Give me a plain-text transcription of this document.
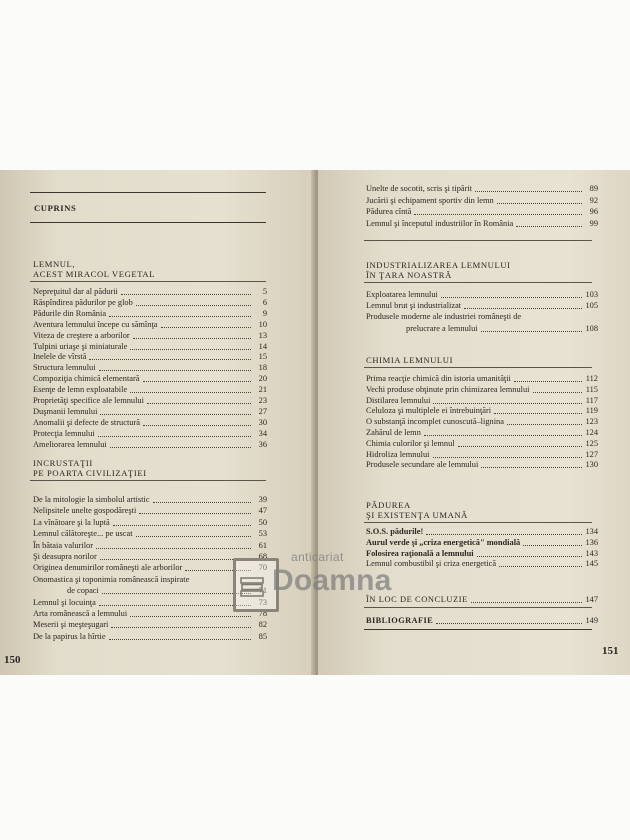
CUPRINS
LEMNUL,
ACEST MIRACOL VEGETAL
Nepreţuitul dar al pădurii	5
Răspîndirea pădurilor pe glob	6
Pădurile din România	9
Aventura lemnului începe cu sămînţa	10
Viteza de creştere a arborilor	13
Tulpini uriaşe şi miniaturale	14
Inelele de vîrstă	15
Structura lemnului	18
Compoziţia chimică elementară	20
Esenţe de lemn exploatabile	21
Proprietăţi specifice ale lemnului	23
Duşmanii lemnului	27
Anomalii şi defecte de structură	30
Protecţia lemnului	34
Ameliorarea lemnului	36
INCRUSTAŢII
PE POARTA CIVILIZAŢIEI
De la mitologie la simbolul artistic	39
Nelipsitele unelte gospodăreşti	47
La vînătoare şi la luptă	50
Lemnul călătoreşte... pe uscat	53
În bătaia valurilor	61
Şi deasupra norilor	68
Originea denumirilor româneşti ale arborilor	70
Onomastica şi toponimia românească inspirate
de copaci	71
Lemnul şi locuinţa	73
Arta românească a lemnului	78
Meserii şi meşteşugari	82
De la papirus la hîrtie	85
150
Unelte de socotit, scris şi tipărit	89
Jucării şi echipament sportiv din lemn	92
Pădurea cîntă	96
Lemnul şi începutul industriilor în România	99
INDUSTRIALIZAREA LEMNULUI
ÎN ŢARA NOASTRĂ
Exploatarea lemnului	103
Lemnul brut şi industrializat	105
Produsele moderne ale industriei româneşti de
prelucrare a lemnului	108
CHIMIA LEMNULUI
Prima reacţie chimică din istoria umanităţii	112
Vechi produse obţinute prin chimizarea lemnului	115
Distilarea lemnului	117
Celuloza şi multiplele ei întrebuinţări	119
O substanţă incomplet cunoscută–lignina	123
Zahărul de lemn	124
Chimia culorilor şi lemnul	125
Hidroliza lemnului	127
Produsele secundare ale lemnului	130
PĂDUREA
ŞI EXISTENŢA UMANĂ
S.O.S. pădurile!	134
Aurul verde şi „criza energetică" mondială	136
Folosirea raţională a lemnului	143
Lemnul combustibil şi criza energetică	145
ÎN LOC DE CONCLUZIE	147
BIBLIOGRAFIE	149
151
anticariat
Doamna
